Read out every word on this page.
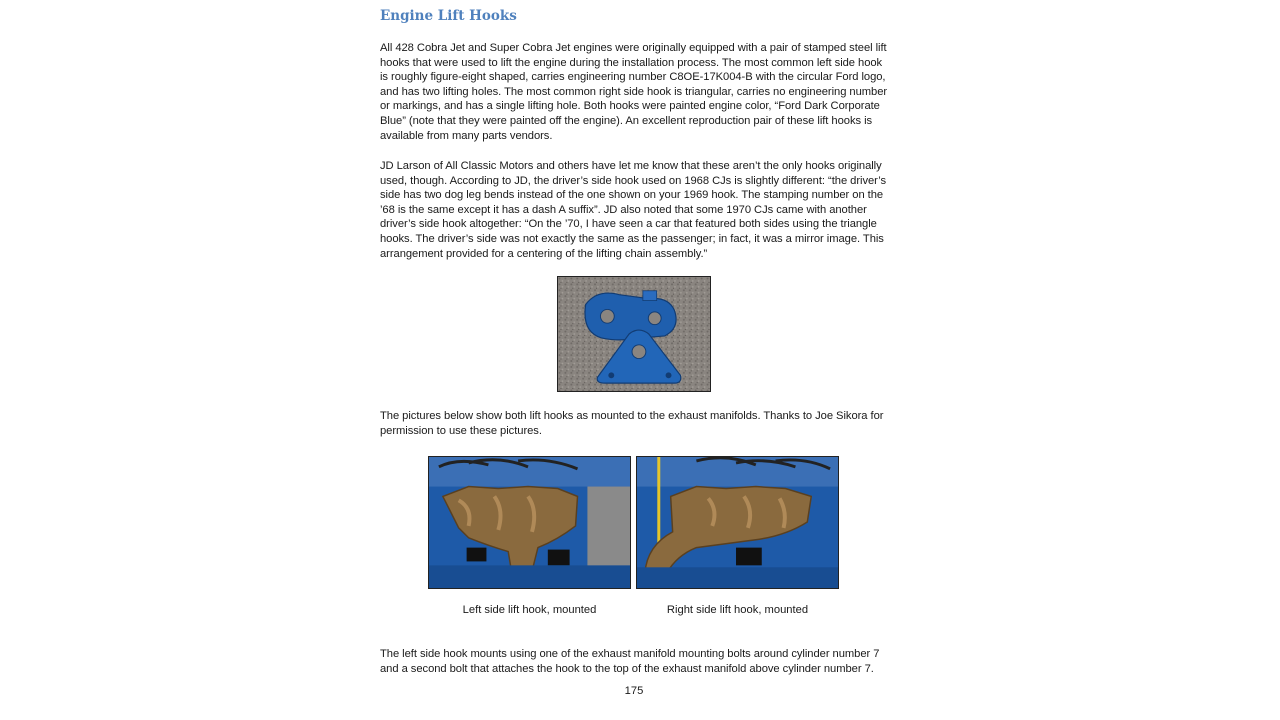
Engine Lift Hooks

All 428 Cobra Jet and Super Cobra Jet engines were originally equipped with a pair of stamped steel lift hooks that were used to lift the engine during the installation process. The most common left side hook is roughly figure-eight shaped, carries engineering number C8OE-17K004-B with the circular Ford logo, and has two lifting holes. The most common right side hook is triangular, carries no engineering number or markings, and has a single lifting hole. Both hooks were painted engine color, “Ford Dark Corporate Blue” (note that they were painted off the engine). An excellent reproduction pair of these lift hooks is available from many parts vendors.

JD Larson of All Classic Motors and others have let me know that these aren’t the only hooks originally used, though. According to JD, the driver’s side hook used on 1968 CJs is slightly different: “the driver’s side has two dog leg bends instead of the one shown on your 1969 hook. The stamping number on the ’68 is the same except it has a dash A suffix”. JD also noted that some 1970 CJs came with another driver’s side hook altogether: “On the ’70, I have seen a car that featured both sides using the triangle hooks. The driver’s side was not exactly the same as the passenger; in fact, it was a mirror image. This arrangement provided for a centering of the lifting chain assembly.”

The pictures below show both lift hooks as mounted to the exhaust manifolds. Thanks to Joe Sikora for permission to use these pictures.

Left side lift hook, mounted	Right side lift hook, mounted

The left side hook mounts using one of the exhaust manifold mounting bolts around cylinder number 7 and a second bolt that attaches the hook to the top of the exhaust manifold above cylinder number 7.

175
